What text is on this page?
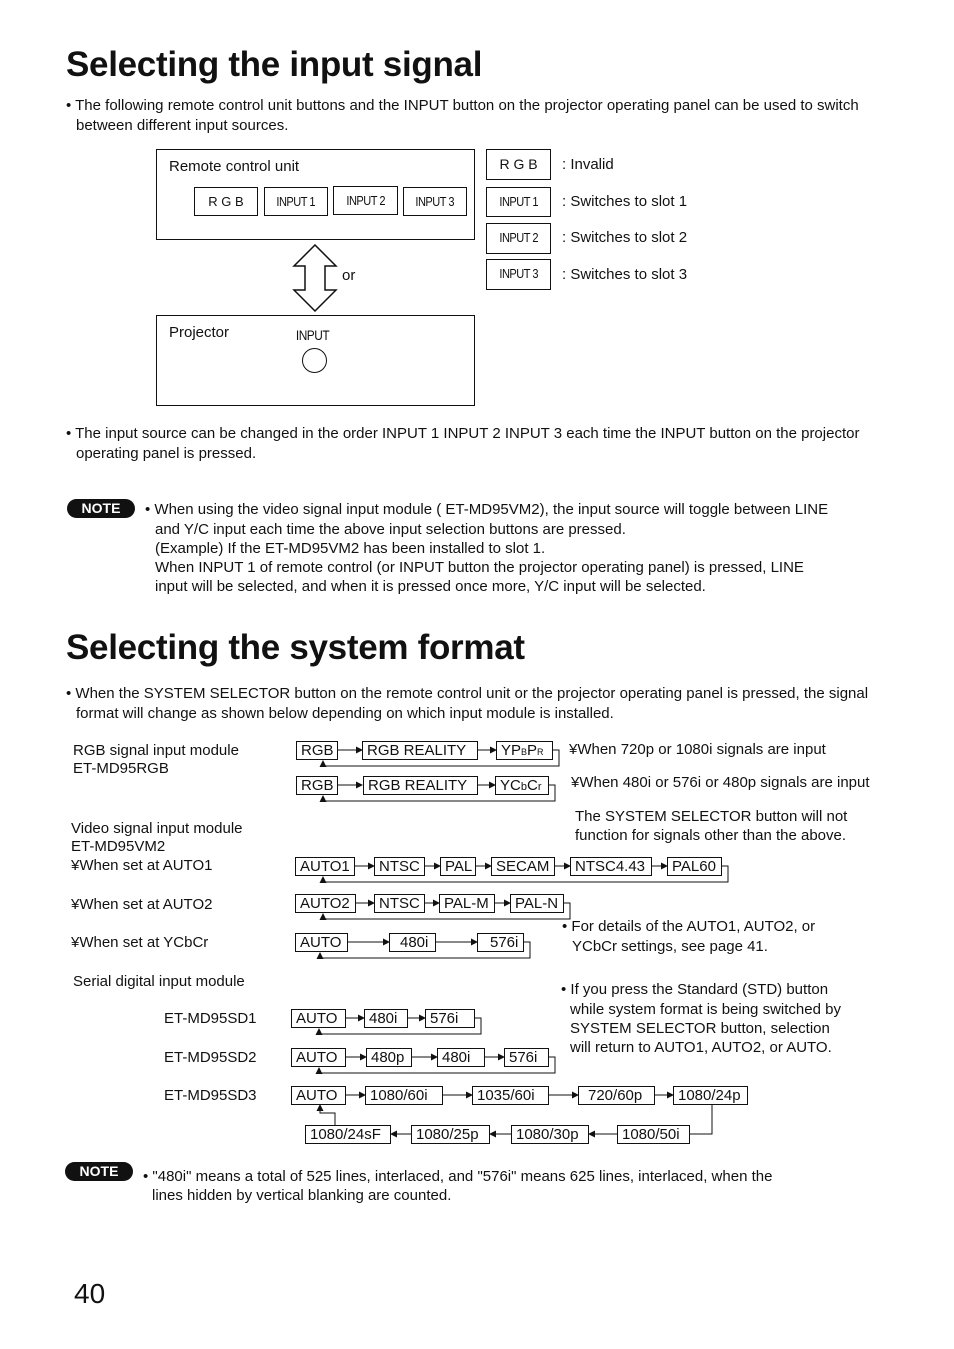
Selecting the input signal

• The following remote control unit buttons and the INPUT button on the projector operating panel can be used to switch between different input sources.

Remote control unit
R G B	INPUT 1	INPUT 2	INPUT 3
or
Projector	INPUT
R G B	: Invalid
INPUT 1	: Switches to slot 1
INPUT 2	: Switches to slot 2
INPUT 3	: Switches to slot 3

• The input source can be changed in the order INPUT 1 INPUT 2 INPUT 3 each time the INPUT button on the projector operating panel is pressed.

NOTE	• When using the video signal input module ( ET-MD95VM2), the input source will toggle between LINE

and Y/C input each time the above input selection buttons are pressed.

(Example) If the ET-MD95VM2 has been installed to slot 1.

When INPUT 1 of remote control (or INPUT button the projector operating panel) is pressed, LINE

input will be selected, and when it is pressed once more, Y/C input will be selected.

Selecting the system format

• When the SYSTEM SELECTOR button on the remote control unit or the projector operating panel is pressed, the signal format will change as shown below depending on which input module is installed.

RGB signal input module
ET-MD95RGB
Video signal input module
ET-MD95VM2
¥When set at AUTO1
¥When set at AUTO2
¥When set at YCbCr
Serial digital input module
ET-MD95SD1
ET-MD95SD2
ET-MD95SD3
¥When 720p or 1080i signals are input
¥When 480i or 576i or 480p signals are input
The SYSTEM SELECTOR button will not
function for signals other than the above.
• For details of the AUTO1, AUTO2, or
YCbCr settings, see page 41.
• If you press the Standard (STD) button
while system format is being switched by
SYSTEM SELECTOR button, selection
will return to AUTO1, AUTO2, or AUTO.
RGB	RGB REALITY	YPBPR
RGB	RGB REALITY	YCbCr
AUTO1	NTSC	PAL	SECAM	NTSC4.43	PAL60
AUTO2	NTSC	PAL-M	PAL-N
AUTO	480i	576i
AUTO	480i	576i
AUTO	480p	480i	576i
AUTO	1080/60i	1035/60i	720/60p	1080/24p
1080/24sF	1080/25p	1080/30p	1080/50i
NOTE	• "480i" means a total of 525 lines, interlaced, and "576i" means 625 lines, interlaced, when the

lines hidden by vertical blanking are counted.

40
